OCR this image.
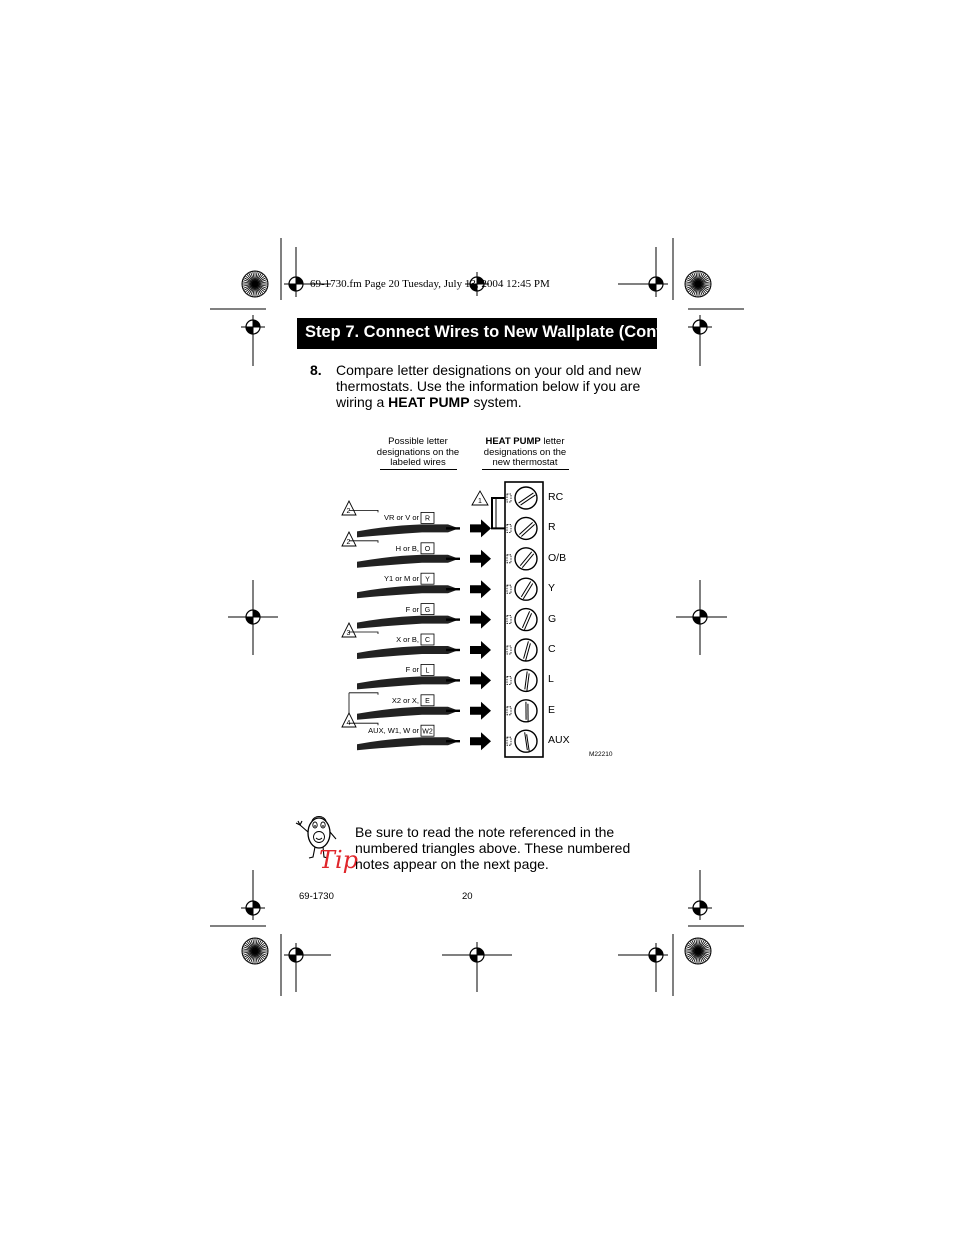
69-1730.fm Page 20 Tuesday, July 13, 2004 12:45 PM
Step 7. Connect Wires to New Wallplate (Cont)
8. Compare letter designations on your old and new thermostats. Use the information below if you are wiring a HEAT PUMP system.
Possible letter designations on the labeled wires
HEAT PUMP letter designations on the new thermostat
1
R
O
Y
G
C
L
E
W2
2
2
3
4
VR or V or
H or B,
Y1 or M or
F or
X or B,
F or
X2 or X,
AUX, W1, W or
RC
R
O/B
Y
G
C
L
E
AUX
M22210
Tip
Be sure to read the note referenced in the numbered triangles above. These numbered notes appear on the next page.
69-1730	20
